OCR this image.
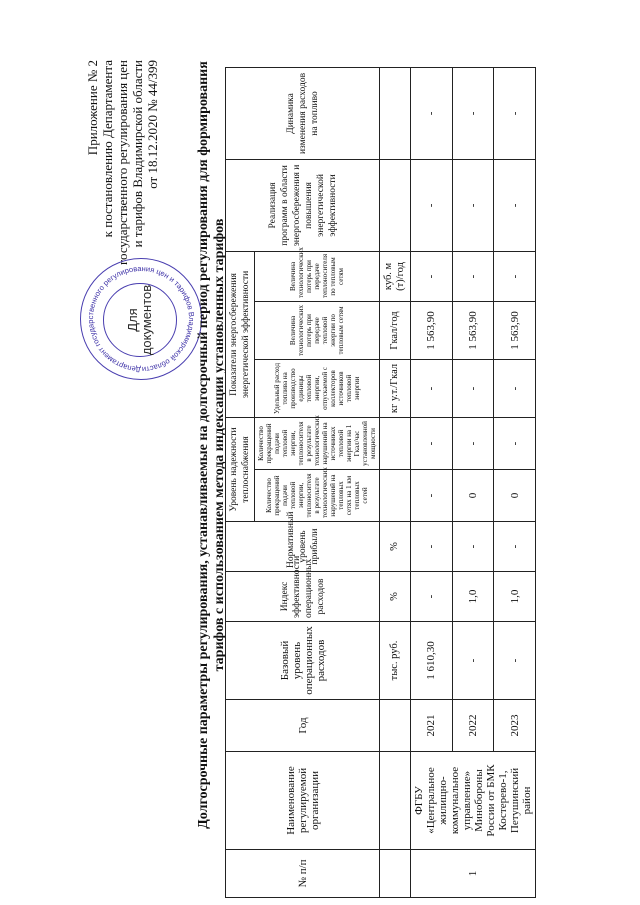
Приложение № 2 к постановлению Департамента государственного регулирования цен и тарифов Владимирской области от 18.12.2020 № 44/399
Департамент государственного регулирования цен и тарифов Владимирской области
Для документов	Долгосрочные параметры регулирования, устанавливаемые на долгосрочный период регулирования для формирования тарифов с использованием метода индексации установленных тарифов
№ п/п	Наименование регулируемой организации	Год	Базовый уровень операционных расходов	Индекс эффективности операционных расходов	Нормативный уровень прибыли	Уровень надежности теплоснабжения		Показатели энергосбережения энергетической эффективности			Реализация программ в области энергосбережения и повышения энергетической эффективности	Динамика изменения расходов на топливо
						Количество прекращений подачи тепловой энергии, теплоносителя в результате технологических нарушений на тепловых сетях на 1 км тепловых сетей	Количество прекращений подачи тепловой энергии, теплоносителя в результате технологических нарушений на источниках тепловой энергии на 1 Гкал/час установленной мощности	Удельный расход топлива на производство единицы тепловой энергии, отпускаемой с коллекторов источников тепловой энергии	Величина технологических потерь при передаче тепловой энергии по тепловым сетям	Величина технологических потерь при передаче теплоносителя по тепловым сетям		
			тыс. руб.	%	%			кг у.т./Гкал	Гкал/год	куб. м (т)/год		
1	ФГБУ «Центральное жилищно-коммунальное управление» Минобороны России от БМК Костерево-1, Петушинский район	2021	1 610,30	-	-	-	-	-	1 563,90	-	-	-
		2022	-	1,0	-	0	-	-	1 563,90	-	-	-
		2023	-	1,0	-	0	-	-	1 563,90	-	-	-
